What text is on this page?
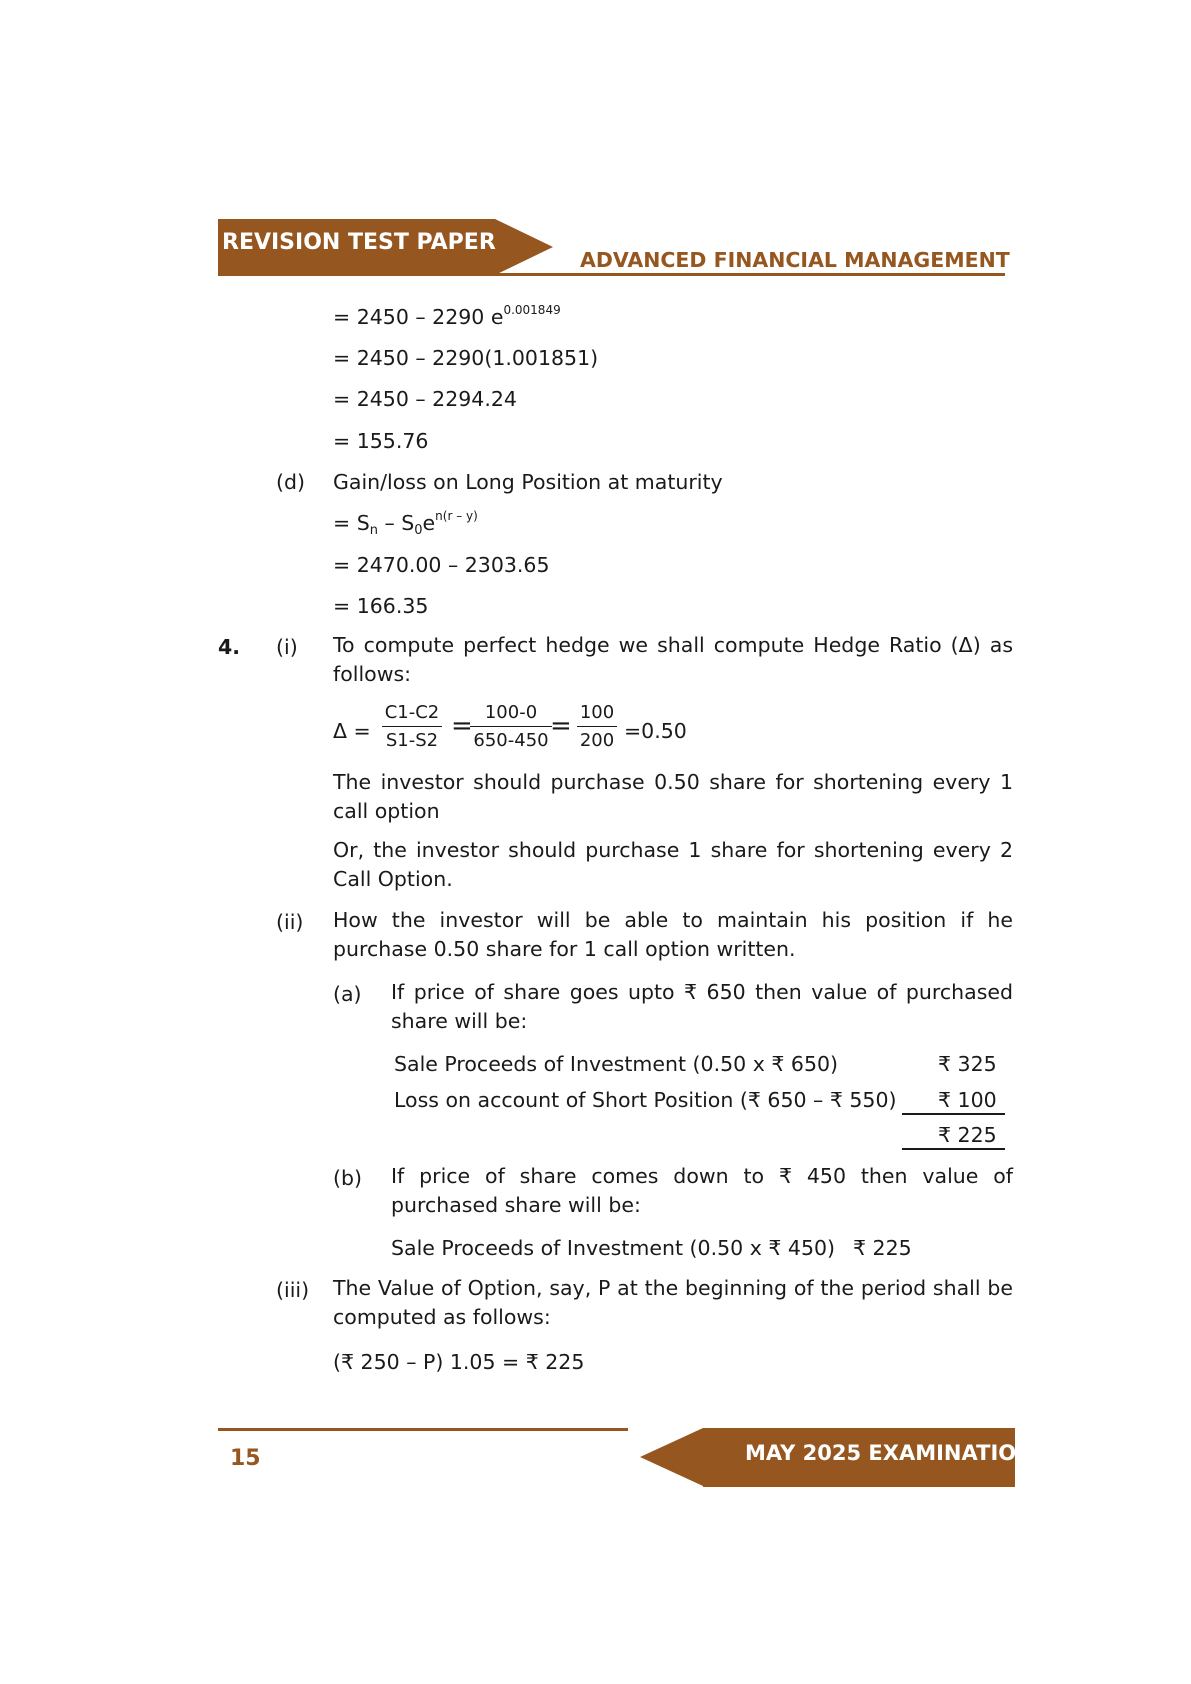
REVISION TEST PAPER
ADVANCED FINANCIAL MANAGEMENT
= 2450 – 2290 $e^{0.001849}$
= 2450 – 2290(1.001851)
= 2450 – 2294.24
= 155.76
(d) Gain/loss on Long Position at maturity
= $S_n - S_0e^{n(r - y)}$
= 2470.00 – 2303.65
= 166.35
4. (i) To compute perfect hedge we shall compute Hedge Ratio (Δ) as follows:
$\Delta = \frac{C1-C2}{S1-S2}$ =
$\frac{100-0}{650-450}$
= $\frac{100}{200} =0.50$
The investor should purchase 0.50 share for shortening every 1 call option
Or, the investor should purchase 1 share for shortening every 2 Call Option.
(ii) How the investor will be able to maintain his position if he purchase 0.50 share for 1 call option written.
(a) If price of share goes upto ₹ 650 then value of purchased share will be:
Sale Proceeds of Investment (0.50 x ₹ 650)	₹ 325
Loss on account of Short Position (₹ 650 – ₹ 550) ₹ 100
₹ 225
(b) If price of share comes down to ₹ 450 then value of purchased share will be:
Sale Proceeds of Investment (0.50 x ₹ 450) ₹ 225
(iii) The Value of Option, say, P at the beginning of the period shall be computed as follows:
(₹ 250 – P) 1.05 = ₹ 225
MAY 2025 EXAMINATION
15
